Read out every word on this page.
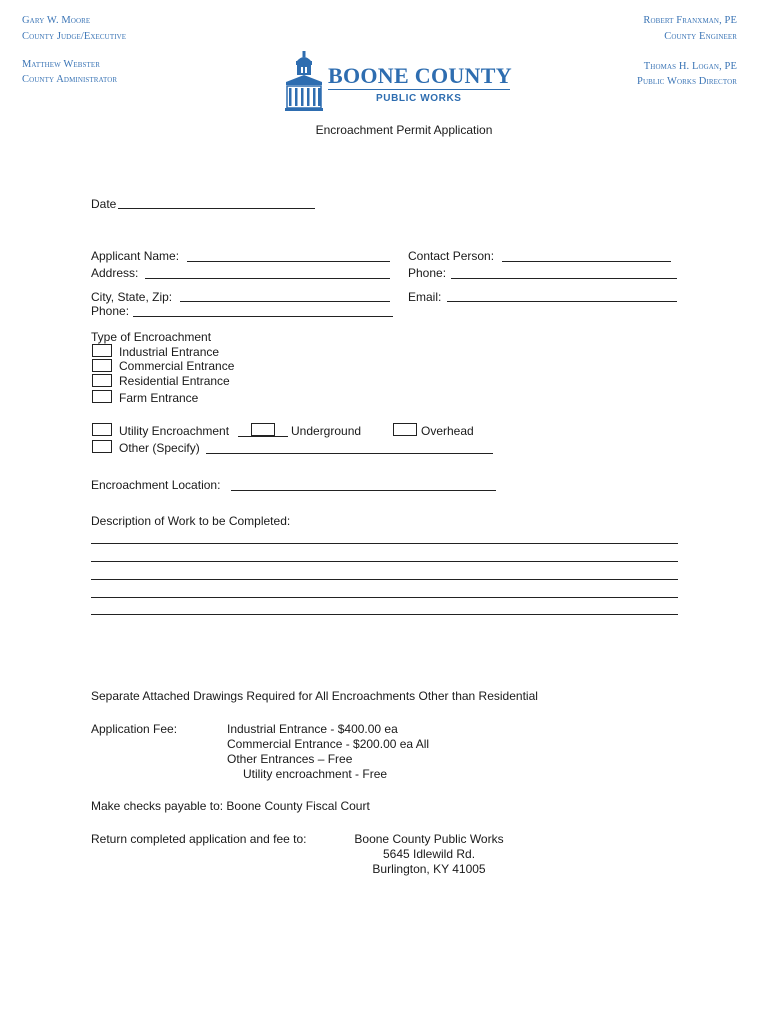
Gary W. Moore
County Judge/Executive
Matthew Webster
County Administrator
Robert Franxman, PE
County Engineer
Thomas H. Logan, PE
Public Works Director
BOONE COUNTY
PUBLIC WORKS
Encroachment Permit Application
Date
Applicant Name:	Contact Person:
Address:	Phone:
City, State, Zip:	Email:
Phone:
Type of Encroachment
Industrial Entrance
Commercial Entrance
Residential Entrance
Farm Entrance
Utility Encroachment	Underground	Overhead
Other (Specify)
Encroachment Location:
Description of Work to be Completed:
Separate Attached Drawings Required for All Encroachments Other than Residential
Application Fee:	Industrial Entrance - $400.00 ea
Commercial Entrance - $200.00 ea All
Other Entrances – Free
Utility encroachment - Free
Make checks payable to: Boone County Fiscal Court
Return completed application and fee to:	Boone County Public Works
5645 Idlewild Rd.
Burlington, KY 41005
